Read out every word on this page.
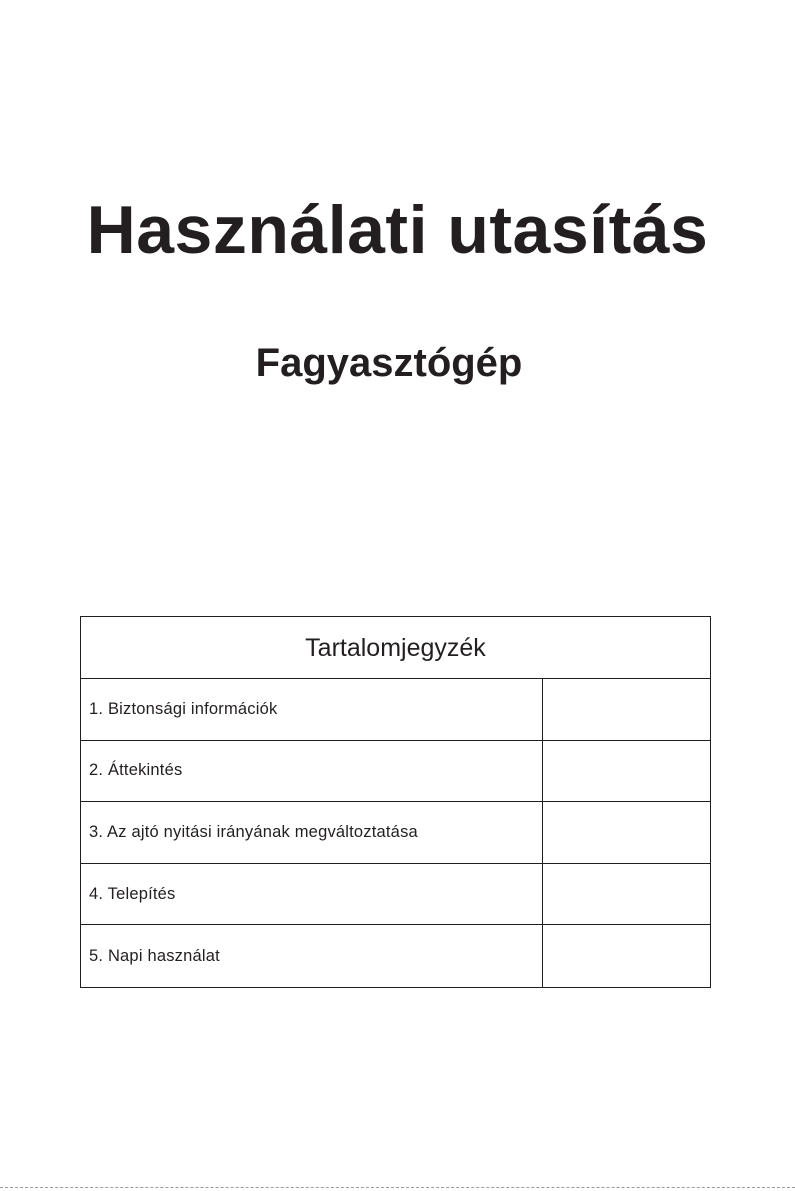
Használati utasítás
Fagyasztógép
Tartalomjegyzék
1. Biztonsági információk
2. Áttekintés
3. Az ajtó nyitási irányának megváltoztatása
4. Telepítés
5. Napi használat
